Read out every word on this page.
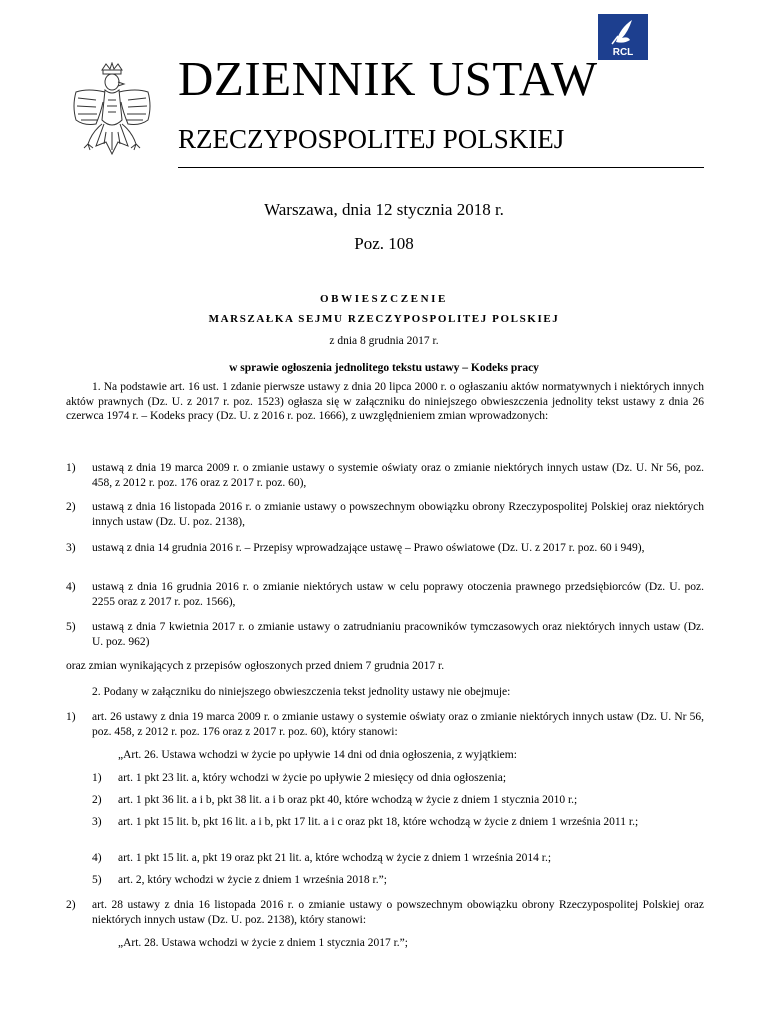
RCL
DZIENNIK USTAW
RZECZYPOSPOLITEJ POLSKIEJ
Warszawa, dnia 12 stycznia 2018 r.
Poz. 108
OBWIESZCZENIE
MARSZAŁKA SEJMU RZECZYPOSPOLITEJ POLSKIEJ
z dnia 8 grudnia 2017 r.
w sprawie ogłoszenia jednolitego tekstu ustawy – Kodeks pracy
1. Na podstawie art. 16 ust. 1 zdanie pierwsze ustawy z dnia 20 lipca 2000 r. o ogłaszaniu aktów normatywnych i niektórych innych aktów prawnych (Dz. U. z 2017 r. poz. 1523) ogłasza się w załączniku do niniejszego obwieszczenia jednolity tekst ustawy z dnia 26 czerwca 1974 r. – Kodeks pracy (Dz. U. z 2016 r. poz. 1666), z uwzględnieniem zmian wprowadzonych:
1) ustawą z dnia 19 marca 2009 r. o zmianie ustawy o systemie oświaty oraz o zmianie niektórych innych ustaw (Dz. U. Nr 56, poz. 458, z 2012 r. poz. 176 oraz z 2017 r. poz. 60),
2) ustawą z dnia 16 listopada 2016 r. o zmianie ustawy o powszechnym obowiązku obrony Rzeczypospolitej Polskiej oraz niektórych innych ustaw (Dz. U. poz. 2138),
3) ustawą z dnia 14 grudnia 2016 r. – Przepisy wprowadzające ustawę – Prawo oświatowe (Dz. U. z 2017 r. poz. 60 i 949),
4) ustawą z dnia 16 grudnia 2016 r. o zmianie niektórych ustaw w celu poprawy otoczenia prawnego przedsiębiorców (Dz. U. poz. 2255 oraz z 2017 r. poz. 1566),
5) ustawą z dnia 7 kwietnia 2017 r. o zmianie ustawy o zatrudnianiu pracowników tymczasowych oraz niektórych innych ustaw (Dz. U. poz. 962)
oraz zmian wynikających z przepisów ogłoszonych przed dniem 7 grudnia 2017 r.
2. Podany w załączniku do niniejszego obwieszczenia tekst jednolity ustawy nie obejmuje:
1) art. 26 ustawy z dnia 19 marca 2009 r. o zmianie ustawy o systemie oświaty oraz o zmianie niektórych innych ustaw (Dz. U. Nr 56, poz. 458, z 2012 r. poz. 176 oraz z 2017 r. poz. 60), który stanowi:
„Art. 26. Ustawa wchodzi w życie po upływie 14 dni od dnia ogłoszenia, z wyjątkiem:
1) art. 1 pkt 23 lit. a, który wchodzi w życie po upływie 2 miesięcy od dnia ogłoszenia;
2) art. 1 pkt 36 lit. a i b, pkt 38 lit. a i b oraz pkt 40, które wchodzą w życie z dniem 1 stycznia 2010 r.;
3) art. 1 pkt 15 lit. b, pkt 16 lit. a i b, pkt 17 lit. a i c oraz pkt 18, które wchodzą w życie z dniem 1 września 2011 r.;
4) art. 1 pkt 15 lit. a, pkt 19 oraz pkt 21 lit. a, które wchodzą w życie z dniem 1 września 2014 r.;
5) art. 2, który wchodzi w życie z dniem 1 września 2018 r.”;
2) art. 28 ustawy z dnia 16 listopada 2016 r. o zmianie ustawy o powszechnym obowiązku obrony Rzeczypospolitej Polskiej oraz niektórych innych ustaw (Dz. U. poz. 2138), który stanowi:
„Art. 28. Ustawa wchodzi w życie z dniem 1 stycznia 2017 r.”;
